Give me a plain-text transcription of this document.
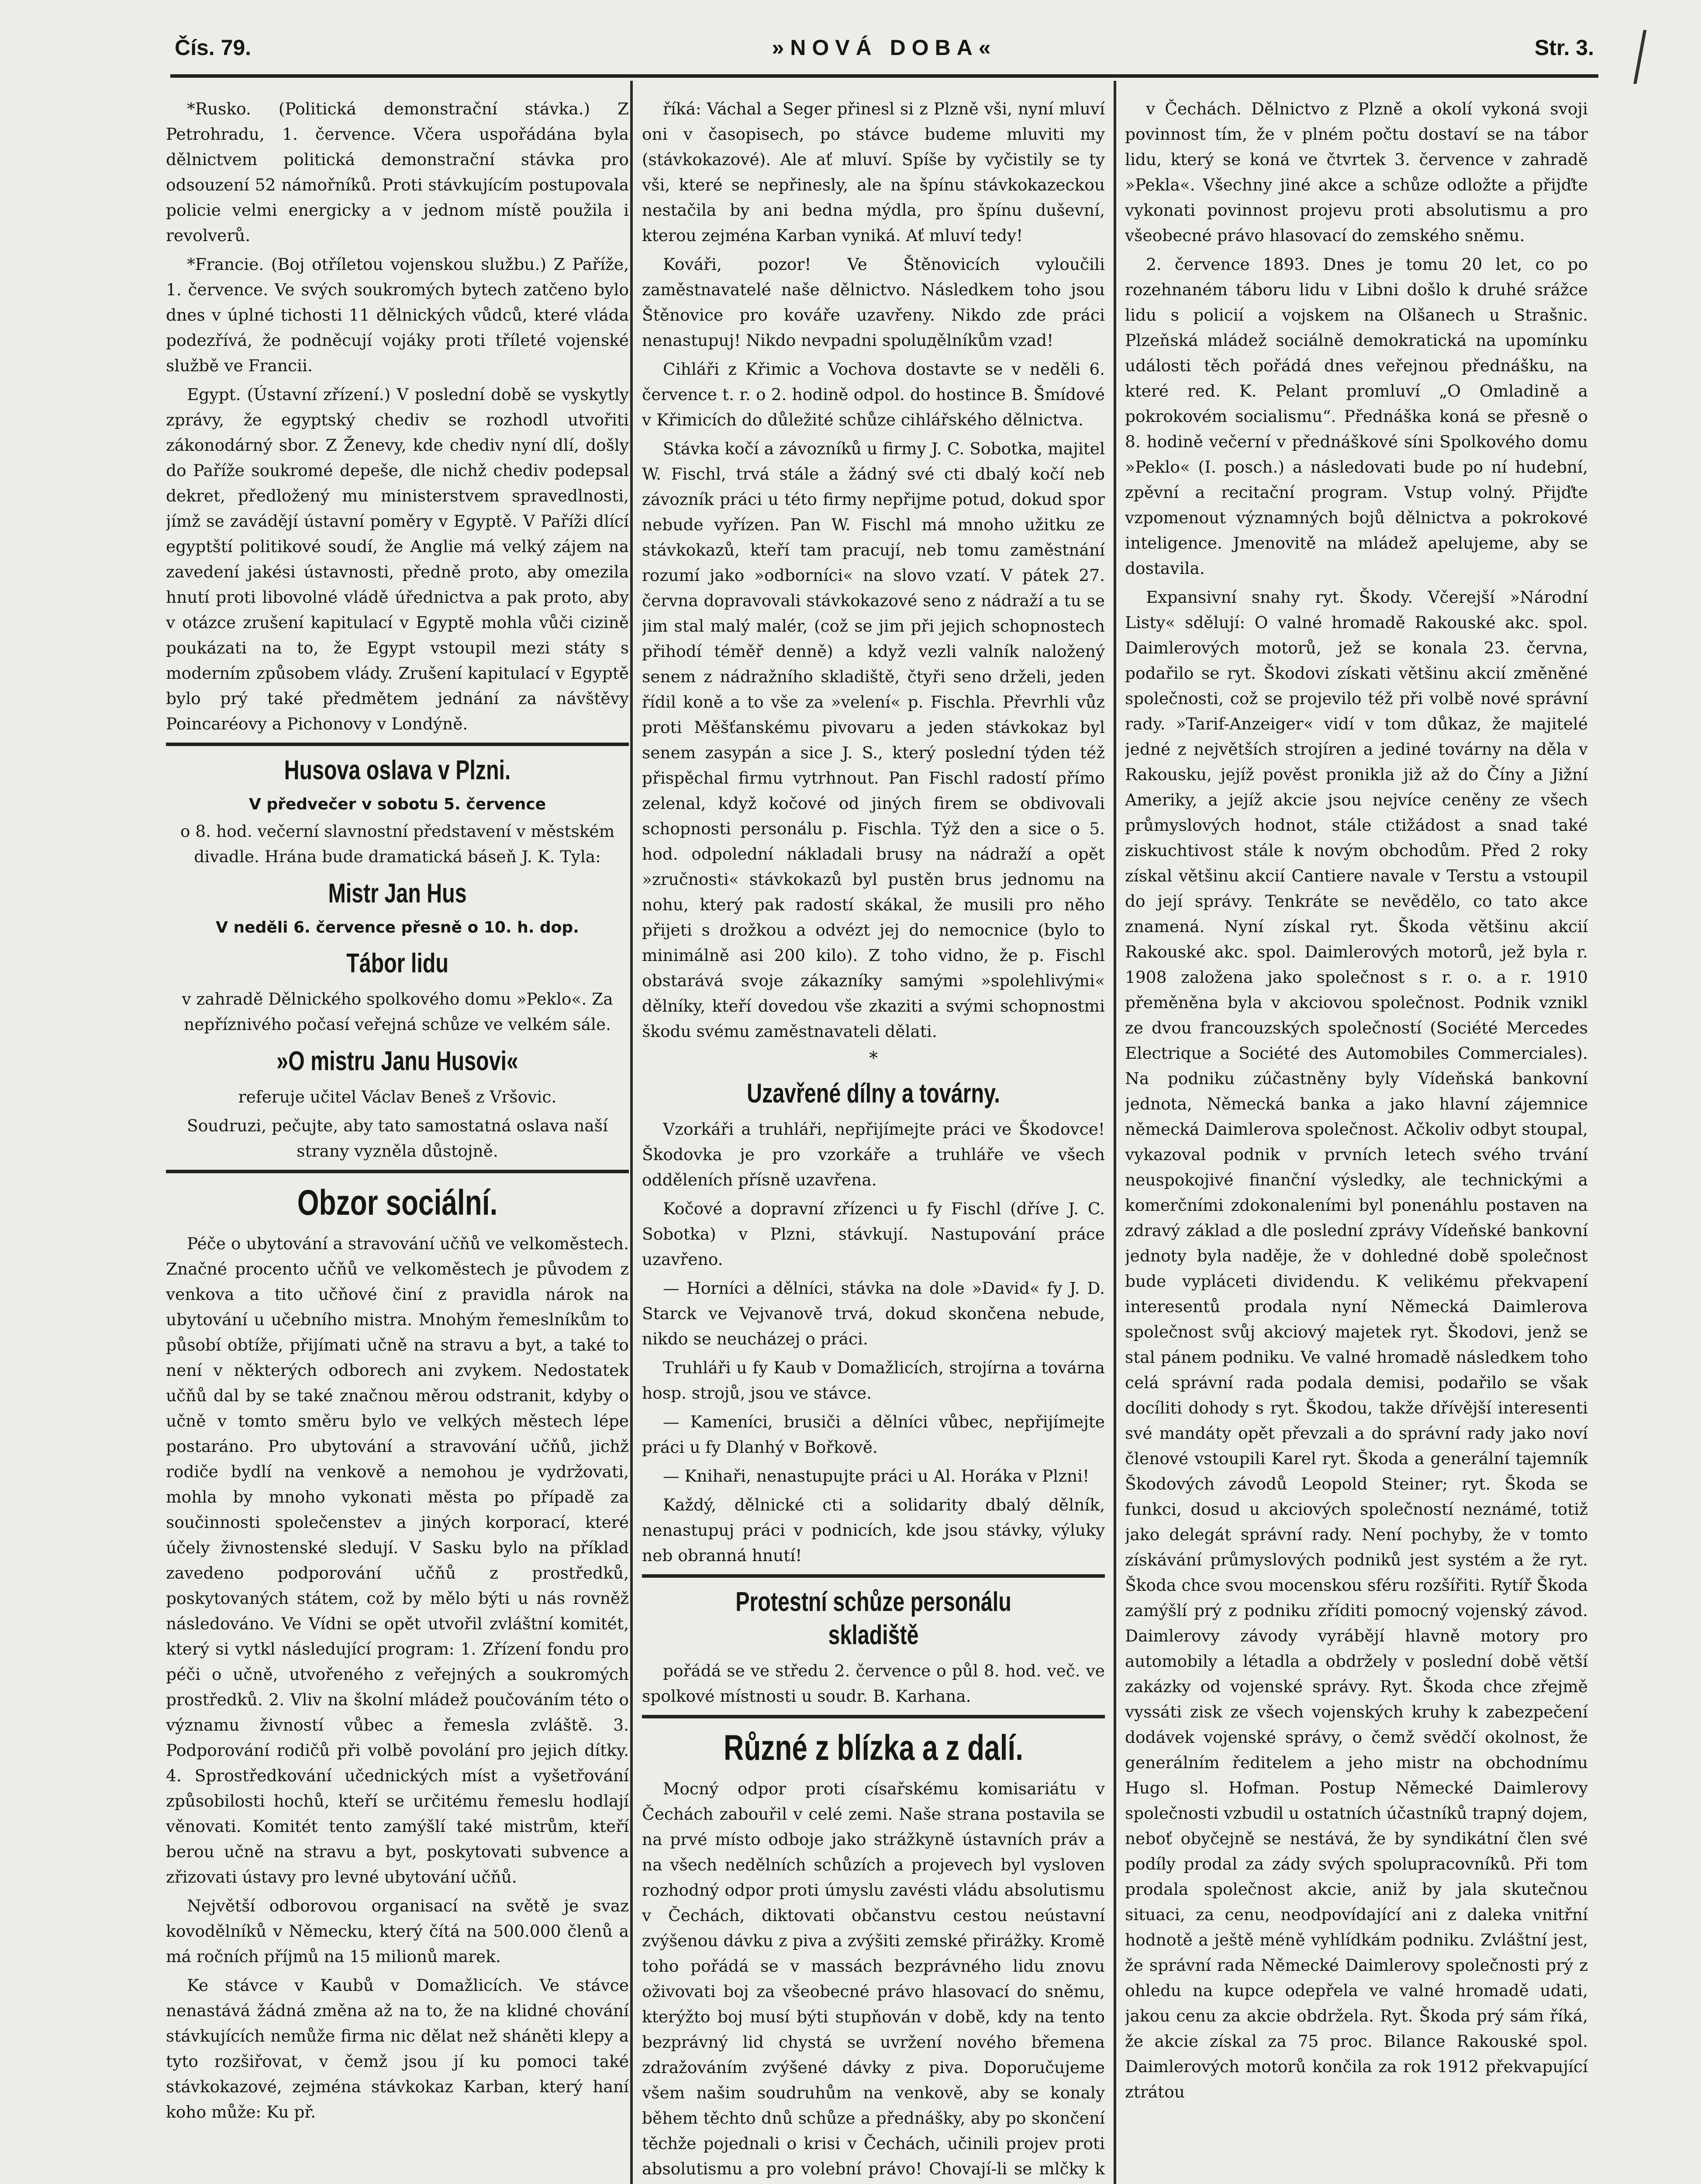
Čís. 79.	»NOVÁ DOBA«	Str. 3. /

*Rusko. (Politická demonstrační stávka.) Z Petrohradu, 1. července. Včera uspořádána byla dělnictvem politická demonstrační stávka pro odsouzení 52 námořníků. Proti stávkujícím postupovala policie velmi energicky a v jednom místě použila i revolverů.

*Francie. (Boj otříletou vojenskou službu.) Z Paříže, 1. července. Ve svých soukromých bytech zatčeno bylo dnes v úplné tichosti 11 dělnických vůdců, které vláda podezřívá, že podněcují vojáky proti tříleté vojenské službě ve Francii.

Egypt. (Ústavní zřízení.) V poslední době se vyskytly zprávy, že egyptský chediv se rozhodl utvořiti zákonodárný sbor. Z Ženevy, kde chediv nyní dlí, došly do Paříže soukromé depeše, dle nichž chediv podepsal dekret, předložený mu ministerstvem spravedlnosti, jímž se zavádějí ústavní poměry v Egyptě. V Paříži dlící egyptští politikové soudí, že Anglie má velký zájem na zavedení jakési ústavnosti, předně proto, aby omezila hnutí proti libovolné vládě úřednictva a pak proto, aby v otázce zrušení kapitulací v Egyptě mohla vůči cizině poukázati na to, že Egypt vstoupil mezi státy s moderním způsobem vlády. Zrušení kapitulací v Egyptě bylo prý také předmětem jednání za návštěvy Poincaréovy a Pichonovy v Londýně.

Husova oslava v Plzni.
V předvečer v sobotu 5. července

o 8. hod. večerní slavnostní představení v městském divadle. Hrána bude dramatická báseň J. K. Tyla:

Mistr Jan Hus
V neděli 6. července přesně o 10. h. dop.
Tábor lidu

v zahradě Dělnického spolkového domu »Peklo«. Za nepříznivého počasí veřejná schůze ve velkém sále.

»O mistru Janu Husovi«

referuje učitel Václav Beneš z Vršovic.

Soudruzi, pečujte, aby tato samostatná oslava naší strany vyzněla důstojně.

Obzor sociální.

Péče o ubytování a stravování učňů ve velkoměstech. Značné procento učňů ve velkoměstech je původem z venkova a tito učňové činí z pravidla nárok na ubytování u učebního mistra. Mnohým řemeslníkům to působí obtíže, přijímati učně na stravu a byt, a také to není v některých odborech ani zvykem. Nedostatek učňů dal by se také značnou měrou odstranit, kdyby o učně v tomto směru bylo ve velkých městech lépe postaráno. Pro ubytování a stravování učňů, jichž rodiče bydlí na venkově a nemohou je vydržovati, mohla by mnoho vykonati města po případě za součinnosti společenstev a jiných korporací, které účely živnostenské sledují. V Sasku bylo na příklad zavedeno podporování učňů z prostředků, poskytovaných státem, což by mělo býti u nás rovněž následováno. Ve Vídni se opět utvořil zvláštní komitét, který si vytkl následující program: 1. Zřízení fondu pro péči o učně, utvořeného z veřejných a soukromých prostředků. 2. Vliv na školní mládež poučováním této o významu živností vůbec a řemesla zvláště. 3. Podporování rodičů při volbě povolání pro jejich dítky. 4. Sprostředkování učednických míst a vyšetřování způsobilosti hochů, kteří se určitému řemeslu hodlají věnovati. Komitét tento zamýšlí také mistrům, kteří berou učně na stravu a byt, poskytovati subvence a zřizovati ústavy pro levné ubytování učňů.

Největší odborovou organisací na světě je svaz kovodělníků v Německu, který čítá na 500.000 členů a má ročních příjmů na 15 milionů marek.

Ke stávce v Kaubů v Domažlicích. Ve stávce nenastává žádná změna až na to, že na klidné chování stávkujících nemůže firma nic dělat než sháněti klepy a tyto rozšiřovat, v čemž jsou jí ku pomoci také stávkokazové, zejména stávkokaz Karban, který haní koho může: Ku př.

říká: Váchal a Seger přinesl si z Plzně vši, nyní mluví oni v časopisech, po stávce budeme mluviti my (stávkokazové). Ale ať mluví. Spíše by vyčistily se ty vši, které se nepřinesly, ale na špínu stávkokazeckou nestačila by ani bedna mýdla, pro špínu duševní, kterou zejména Karban vyniká. Ať mluví tedy!

Kováři, pozor! Ve Štěnovicích vyloučili zaměstnavatelé naše dělnictvo. Následkem toho jsou Štěnovice pro kováře uzavřeny. Nikdo zde práci nenastupuj! Nikdo nevpadni spoluдělníkům vzad!

Cihláři z Křimic a Vochova dostavte se v neděli 6. července t. r. o 2. hodině odpol. do hostince B. Šmídové v Křimicích do důležité schůze cihlářského dělnictva.

Stávka kočí a závozníků u firmy J. C. Sobotka, majitel W. Fischl, trvá stále a žádný své cti dbalý kočí neb závozník práci u této firmy nepřijme potud, dokud spor nebude vyřízen. Pan W. Fischl má mnoho užitku ze stávkokazů, kteří tam pracují, neb tomu zaměstnání rozumí jako »odborníci« na slovo vzatí. V pátek 27. června dopravovali stávkokazové seno z nádraží a tu se jim stal malý malér, (což se jim při jejich schopnostech přihodí téměř denně) a když vezli valník naložený senem z nádražního skladiště, čtyři seno drželi, jeden řídil koně a to vše za »velení« p. Fischla. Převrhli vůz proti Měšťanskému pivovaru a jeden stávkokaz byl senem zasypán a sice J. S., který poslední týden též přispěchal firmu vytrhnout. Pan Fischl radostí přímo zelenal, když kočové od jiných firem se obdivovali schopnosti personálu p. Fischla. Týž den a sice o 5. hod. odpolední nákladali brusy na nádraží a opět »zručnosti« stávkokazů byl pustěn brus jednomu na nohu, který pak radostí skákal, že musili pro něho přijeti s drožkou a odvézt jej do nemocnice (bylo to minimálně asi 200 kilo). Z toho vidno, že p. Fischl obstarává svoje zákazníky samými »spolehlivými« dělníky, kteří dovedou vše zkaziti a svými schopnostmi škodu svému zaměstnavateli dělati.

*
Uzavřené dílny a továrny.

Vzorkáři a truhláři, nepřijímejte práci ve Škodovce! Škodovka je pro vzorkáře a truhláře ve všech odděleních přísně uzavřena.

Kočové a dopravní zřízenci u fy Fischl (dříve J. C. Sobotka) v Plzni, stávkují. Nastupování práce uzavřeno.

— Horníci a dělníci, stávka na dole »David« fy J. D. Starck ve Vejvanově trvá, dokud skončena nebude, nikdo se neucházej o práci.

Truhláři u fy Kaub v Domažlicích, strojírna a továrna hosp. strojů, jsou ve stávce.

— Kameníci, brusiči a dělníci vůbec, nepřijímejte práci u fy Dlanhý v Bořkově.

— Knihaři, nenastupujte práci u Al. Horáka v Plzni!

Každý, dělnické cti a solidarity dbalý dělník, nenastupuj práci v podnicích, kde jsou stávky, výluky neb obranná hnutí!

Protestní schůze personálu skladiště

pořádá se ve středu 2. července o půl 8. hod. več. ve spolkové místnosti u soudr. B. Karhana.

Různé z blízka a z dalí.

Mocný odpor proti císařskému komisariátu v Čechách zabouřil v celé zemi. Naše strana postavila se na prvé místo odboje jako strážkyně ústavních práv a na všech nedělních schůzích a projevech byl vysloven rozhodný odpor proti úmyslu zavésti vládu absolutismu v Čechách, diktovati občanstvu cestou neústavní zvýšenou dávku z piva a zvýšiti zemské přirážky. Kromě toho pořádá se v massách bezprávného lidu znovu oživovati boj za všeobecné právo hlasovací do sněmu, kterýžto boj musí býti stupňován v době, kdy na tento bezprávný lid chystá se uvržení nového břemena zdražováním zvýšené dávky z piva. Doporučujeme všem našim soudruhům na venkově, aby se konaly během těchto dnů schůze a přednášky, aby po skončení těchže pojednali o krisi v Čechách, učinili projev proti absolutismu a pro volební právo! Chovají-li se mlčky k

v Čechách. Dělnictvo z Plzně a okolí vykoná svoji povinnost tím, že v plném počtu dostaví se na tábor lidu, který se koná ve čtvrtek 3. července v zahradě »Pekla«. Všechny jiné akce a schůze odložte a přijďte vykonati povinnost projevu proti absolutismu a pro všeobecné právo hlasovací do zemského sněmu.

2. července 1893. Dnes je tomu 20 let, co po rozehnaném táboru lidu v Libni došlo k druhé srážce lidu s policií a vojskem na Olšanech u Strašnic. Plzeňská mládež sociálně demokratická na upomínku události těch pořádá dnes veřejnou přednášku, na které red. K. Pelant promluví „O Omladině a pokrokovém socialismu“. Přednáška koná se přesně o 8. hodině večerní v přednáškové síni Spolkového domu »Peklo« (I. posch.) a následovati bude po ní hudební, zpěvní a recitační program. Vstup volný. Přijďte vzpomenout významných bojů dělnictva a pokrokové inteligence. Jmenovitě na mládež apelujeme, aby se dostavila.

Expansivní snahy ryt. Škody. Včerejší »Národní Listy« sdělují: O valné hromadě Rakouské akc. spol. Daimlerových motorů, jež se konala 23. června, podařilo se ryt. Škodovi získati většinu akcií změněné společnosti, což se projevilo též při volbě nové správní rady. »Tarif-Anzeiger« vidí v tom důkaz, že majitelé jedné z největších strojíren a jediné továrny na děla v Rakousku, jejíž pověst pronikla již až do Číny a Jižní Ameriky, a jejíž akcie jsou nejvíce ceněny ze všech průmyslových hodnot, stále ctižádost a snad také ziskuchtivost stále k novým obchodům. Před 2 roky získal většinu akcií Cantiere navale v Terstu a vstoupil do její správy. Tenkráte se nevědělo, co tato akce znamená. Nyní získal ryt. Škoda většinu akcií Rakouské akc. spol. Daimlerových motorů, jež byla r. 1908 založena jako společnost s r. o. a r. 1910 přeměněna byla v akciovou společnost. Podnik vznikl ze dvou francouzských společností (Société Mercedes Electrique a Société des Automobiles Commerciales). Na podniku zúčastněny byly Vídeňská bankovní jednota, Německá banka a jako hlavní zájemnice německá Daimlerova společnost. Ačkoliv odbyt stoupal, vykazoval podnik v prvních letech svého trvání neuspokojivé finanční výsledky, ale technickými a komerčními zdokonaleními byl ponenáhlu postaven na zdravý základ a dle poslední zprávy Vídeňské bankovní jednoty byla naděje, že v dohledné době společnost bude vypláceti dividendu. K velikému překvapení interesentů prodala nyní Německá Daimlerova společnost svůj akciový majetek ryt. Škodovi, jenž se stal pánem podniku. Ve valné hromadě následkem toho celá správní rada podala demisi, podařilo se však docíliti dohody s ryt. Škodou, takže dřívější interesenti své mandáty opět převzali a do správní rady jako noví členové vstoupili Karel ryt. Škoda a generální tajemník Škodových závodů Leopold Steiner; ryt. Škoda se funkci, dosud u akciových společností neznámé, totiž jako delegát správní rady. Není pochyby, že v tomto získávání průmyslových podniků jest systém a že ryt. Škoda chce svou mocenskou sféru rozšířiti. Rytíř Škoda zamýšlí prý z podniku zříditi pomocný vojenský závod. Daimlerovy závody vyrábějí hlavně motory pro automobily a létadla a obdržely v poslední době větší zakázky od vojenské správy. Ryt. Škoda chce zřejmě vyssáti zisk ze všech vojenských kruhy k zabezpečení dodávek vojenské správy, o čemž svědčí okolnost, že generálním ředitelem a jeho mistr na obchodnímu Hugo sl. Hofman. Postup Německé Daimlerovy společnosti vzbudil u ostatních účastníků trapný dojem, neboť obyčejně se nestává, že by syndikátní člen své podíly prodal za zády svých spolupracovníků. Při tom prodala společnost akcie, aniž by jala skutečnou situaci, za cenu, neodpovídající ani z daleka vnitřní hodnotě a ještě méně vyhlídkám podniku. Zvláštní jest, že správní rada Německé Daimlerovy společnosti prý z ohledu na kupce odepřela ve valné hromadě udati, jakou cenu za akcie obdržela. Ryt. Škoda prý sám říká, že akcie získal za 75 proc. Bilance Rakouské spol. Daimlerových motorů končila za rok 1912 překvapující ztrátou
